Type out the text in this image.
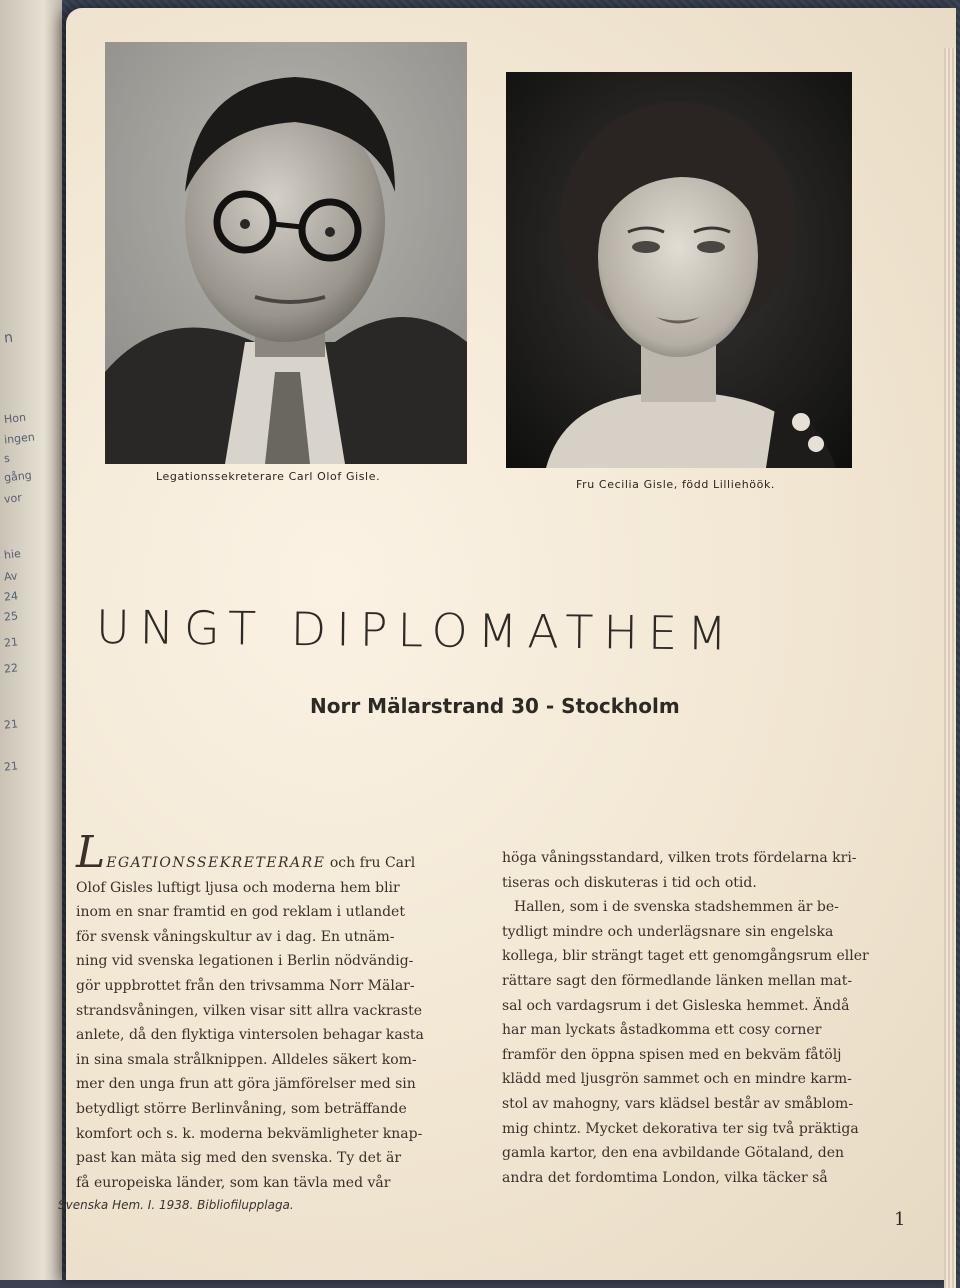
n
Hon
ingen
s
gång
vor
hie
Av
24
25
21
22
21
21
Legationssekreterare Carl Olof Gisle.
Fru Cecilia Gisle, född Lilliehöök.
UNGT DIPLOMATHEM
Norr Mälarstrand 30 - Stockholm

LEGATIONSSEKRETERARE och fru Carl

Olof Gisles luftigt ljusa och moderna hem blir

inom en snar framtid en god reklam i utlandet

för svensk våningskultur av i dag. En utnäm-

ning vid svenska legationen i Berlin nödvändig-

gör uppbrottet från den trivsamma Norr Mälar-

strandsvåningen, vilken visar sitt allra vackraste

anlete, då den flyktiga vintersolen behagar kasta

in sina smala strålknippen. Alldeles säkert kom-

mer den unga frun att göra jämförelser med sin

betydligt större Berlinvåning, som beträffande

komfort och s. k. moderna bekvämligheter knap-

past kan mäta sig med den svenska. Ty det är

få europeiska länder, som kan tävla med vår

höga våningsstandard, vilken trots fördelarna kri-

tiseras och diskuteras i tid och otid.

Hallen, som i de svenska stadshemmen är be-

tydligt mindre och underlägsnare sin engelska

kollega, blir strängt taget ett genomgångsrum eller

rättare sagt den förmedlande länken mellan mat-

sal och vardagsrum i det Gisleska hemmet. Ändå

har man lyckats åstadkomma ett cosy corner

framför den öppna spisen med en bekväm fåtölj

klädd med ljusgrön sammet och en mindre karm-

stol av mahogny, vars klädsel består av småblom-

mig chintz. Mycket dekorativa ter sig två präktiga

gamla kartor, den ena avbildande Götaland, den

andra det fordomtima London, vilka täcker så

Svenska Hem. I. 1938. Bibliofilupplaga.
1
